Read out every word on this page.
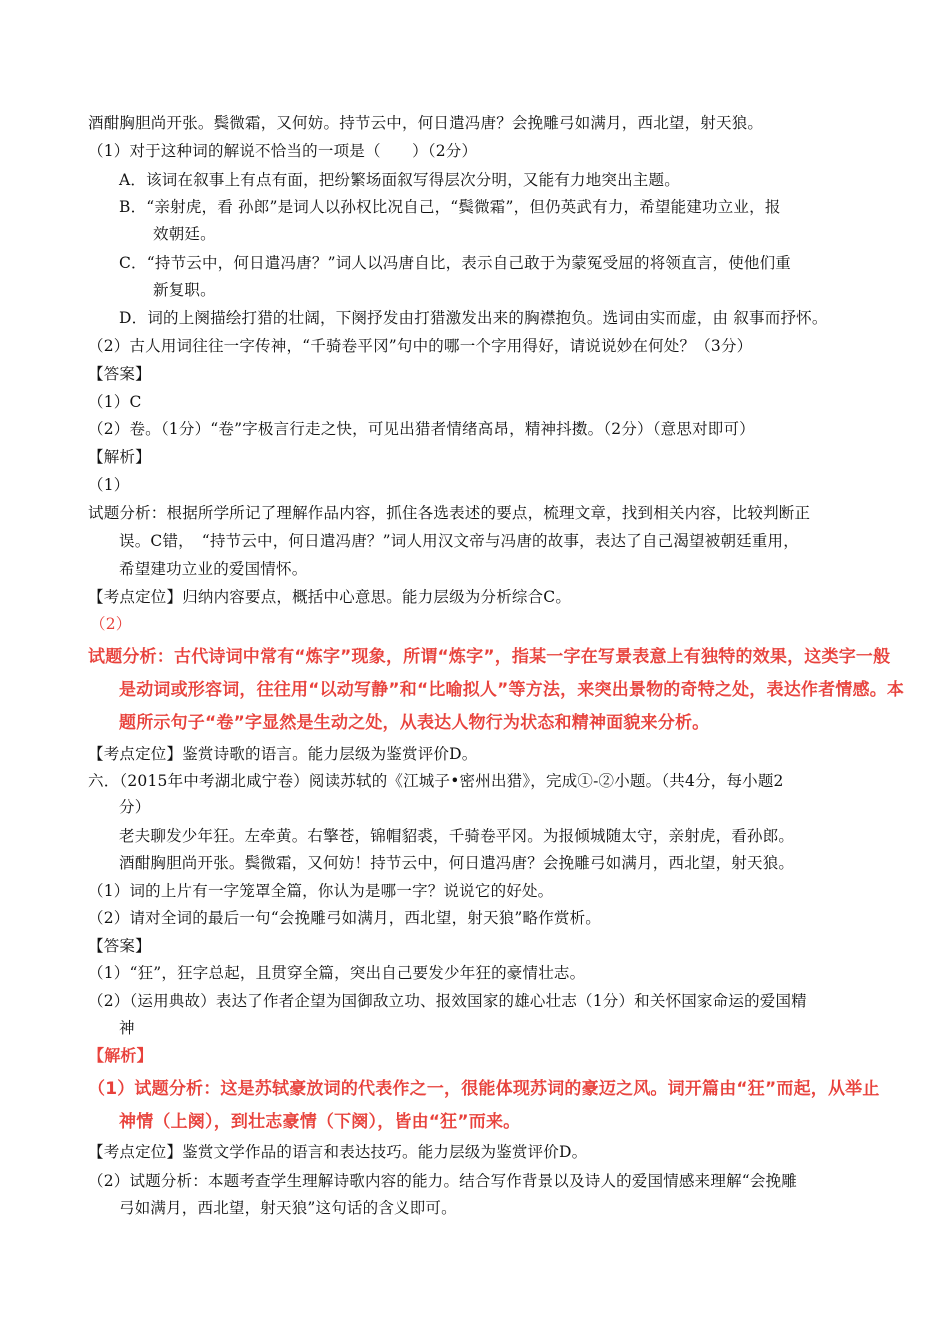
酒酣胸胆尚开张。鬓微霜，又何妨。持节云中，何日遣冯唐？会挽雕弓如满月，西北望，射天狼。
（1）对于这种词的解说不恰当的一项是（　　）（2分）
A．该词在叙事上有点有面，把纷繁场面叙写得层次分明，又能有力地突出主题。
B．“亲射虎，看 孙郎”是词人以孙权比况自己，“鬓微霜”，但仍英武有力，希望能建功立业，报
效朝廷。
C．“持节云中，何日遣冯唐？”词人以冯唐自比，表示自己敢于为蒙冤受屈的将领直言，使他们重
新复职。
D．词的上阕描绘打猎的壮阔，下阕抒发由打猎激发出来的胸襟抱负。选词由实而虚，由 叙事而抒怀。
（2）古人用词往往一字传神，“千骑卷平冈”句中的哪一个字用得好，请说说妙在何处？（3分）
【答案】
（1）C
（2）卷。（1分）“卷”字极言行走之快，可见出猎者情绪高昂，精神抖擞。（2分）（意思对即可）
【解析】
（1）
试题分析：根据所学所记了理解作品内容，抓住各选表述的要点，梳理文章，找到相关内容，比较判断正
误。C错，　“持节云中，何日遣冯唐？”词人用汉文帝与冯唐的故事，表达了自己渴望被朝廷重用，
希望建功立业的爱国情怀。
【考点定位】归纳内容要点，概括中心意思。能力层级为分析综合C。
（2）
试题分析：古代诗词中常有“炼字”现象，所谓“炼字”，指某一字在写景表意上有独特的效果，这类字一般
是动词或形容词，往往用“以动写静”和“比喻拟人”等方法，来突出景物的奇特之处，表达作者情感。本
题所示句子“卷”字显然是生动之处，从表达人物行为状态和精神面貌来分析。
【考点定位】鉴赏诗歌的语言。能力层级为鉴赏评价D。
六．（2015年中考湖北咸宁卷）阅读苏轼的《江城子•密州出猎》，完成①-②小题。（共4分，每小题2
分）
老夫聊发少年狂。左牵黄。右擎苍，锦帽貂裘，千骑卷平冈。为报倾城随太守，亲射虎，看孙郎。
酒酣胸胆尚开张。鬓微霜，又何妨！持节云中，何日遣冯唐？会挽雕弓如满月，西北望，射天狼。
（1）词的上片有一字笼罩全篇，你认为是哪一字？说说它的好处。
（2）请对全词的最后一句“会挽雕弓如满月，西北望，射天狼”略作赏析。
【答案】
（1）“狂”，狂字总起，且贯穿全篇，突出自己要发少年狂的豪情壮志。
（2）（运用典故）表达了作者企望为国御敌立功、报效国家的雄心壮志（1分）和关怀国家命运的爱国精
神
【解析】
（1）试题分析：这是苏轼豪放词的代表作之一，很能体现苏词的豪迈之风。词开篇由“狂”而起，从举止
神情（上阕），到壮志豪情（下阕），皆由“狂”而来。
【考点定位】鉴赏文学作品的语言和表达技巧。能力层级为鉴赏评价D。
（2）试题分析：本题考查学生理解诗歌内容的能力。结合写作背景以及诗人的爱国情感来理解“会挽雕
弓如满月，西北望，射天狼”这句话的含义即可。
